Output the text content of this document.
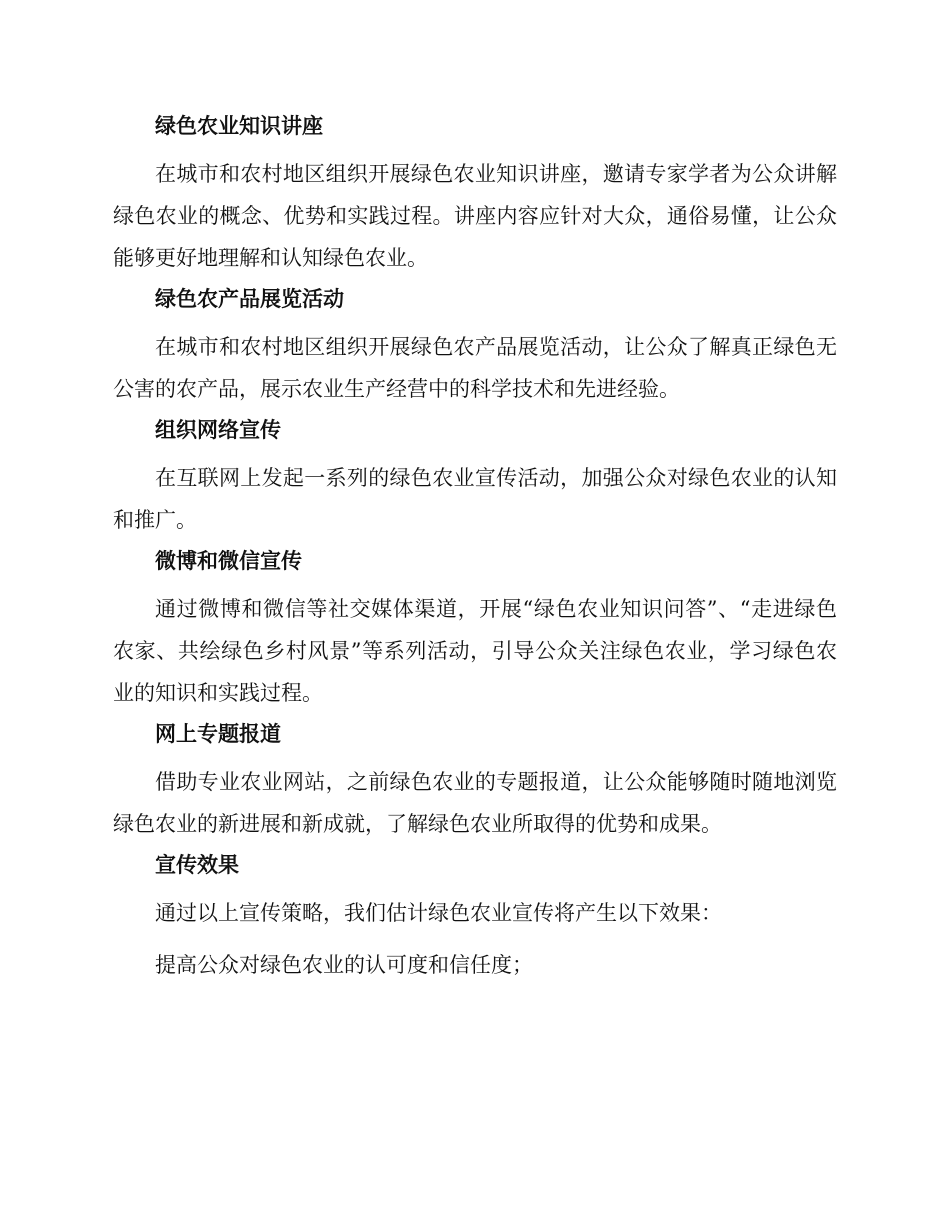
绿色农业知识讲座

在城市和农村地区组织开展绿色农业知识讲座，邀请专家学者为公众讲解绿色农业的概念、优势和实践过程。讲座内容应针对大众，通俗易懂，让公众能够更好地理解和认知绿色农业。

绿色农产品展览活动

在城市和农村地区组织开展绿色农产品展览活动，让公众了解真正绿色无公害的农产品，展示农业生产经营中的科学技术和先进经验。

组织网络宣传

在互联网上发起一系列的绿色农业宣传活动，加强公众对绿色农业的认知和推广。

微博和微信宣传

通过微博和微信等社交媒体渠道，开展“绿色农业知识问答”、“走进绿色农家、共绘绿色乡村风景”等系列活动，引导公众关注绿色农业，学习绿色农业的知识和实践过程。

网上专题报道

借助专业农业网站，之前绿色农业的专题报道，让公众能够随时随地浏览绿色农业的新进展和新成就，了解绿色农业所取得的优势和成果。

宣传效果

通过以上宣传策略，我们估计绿色农业宣传将产生以下效果：

提高公众对绿色农业的认可度和信任度；
